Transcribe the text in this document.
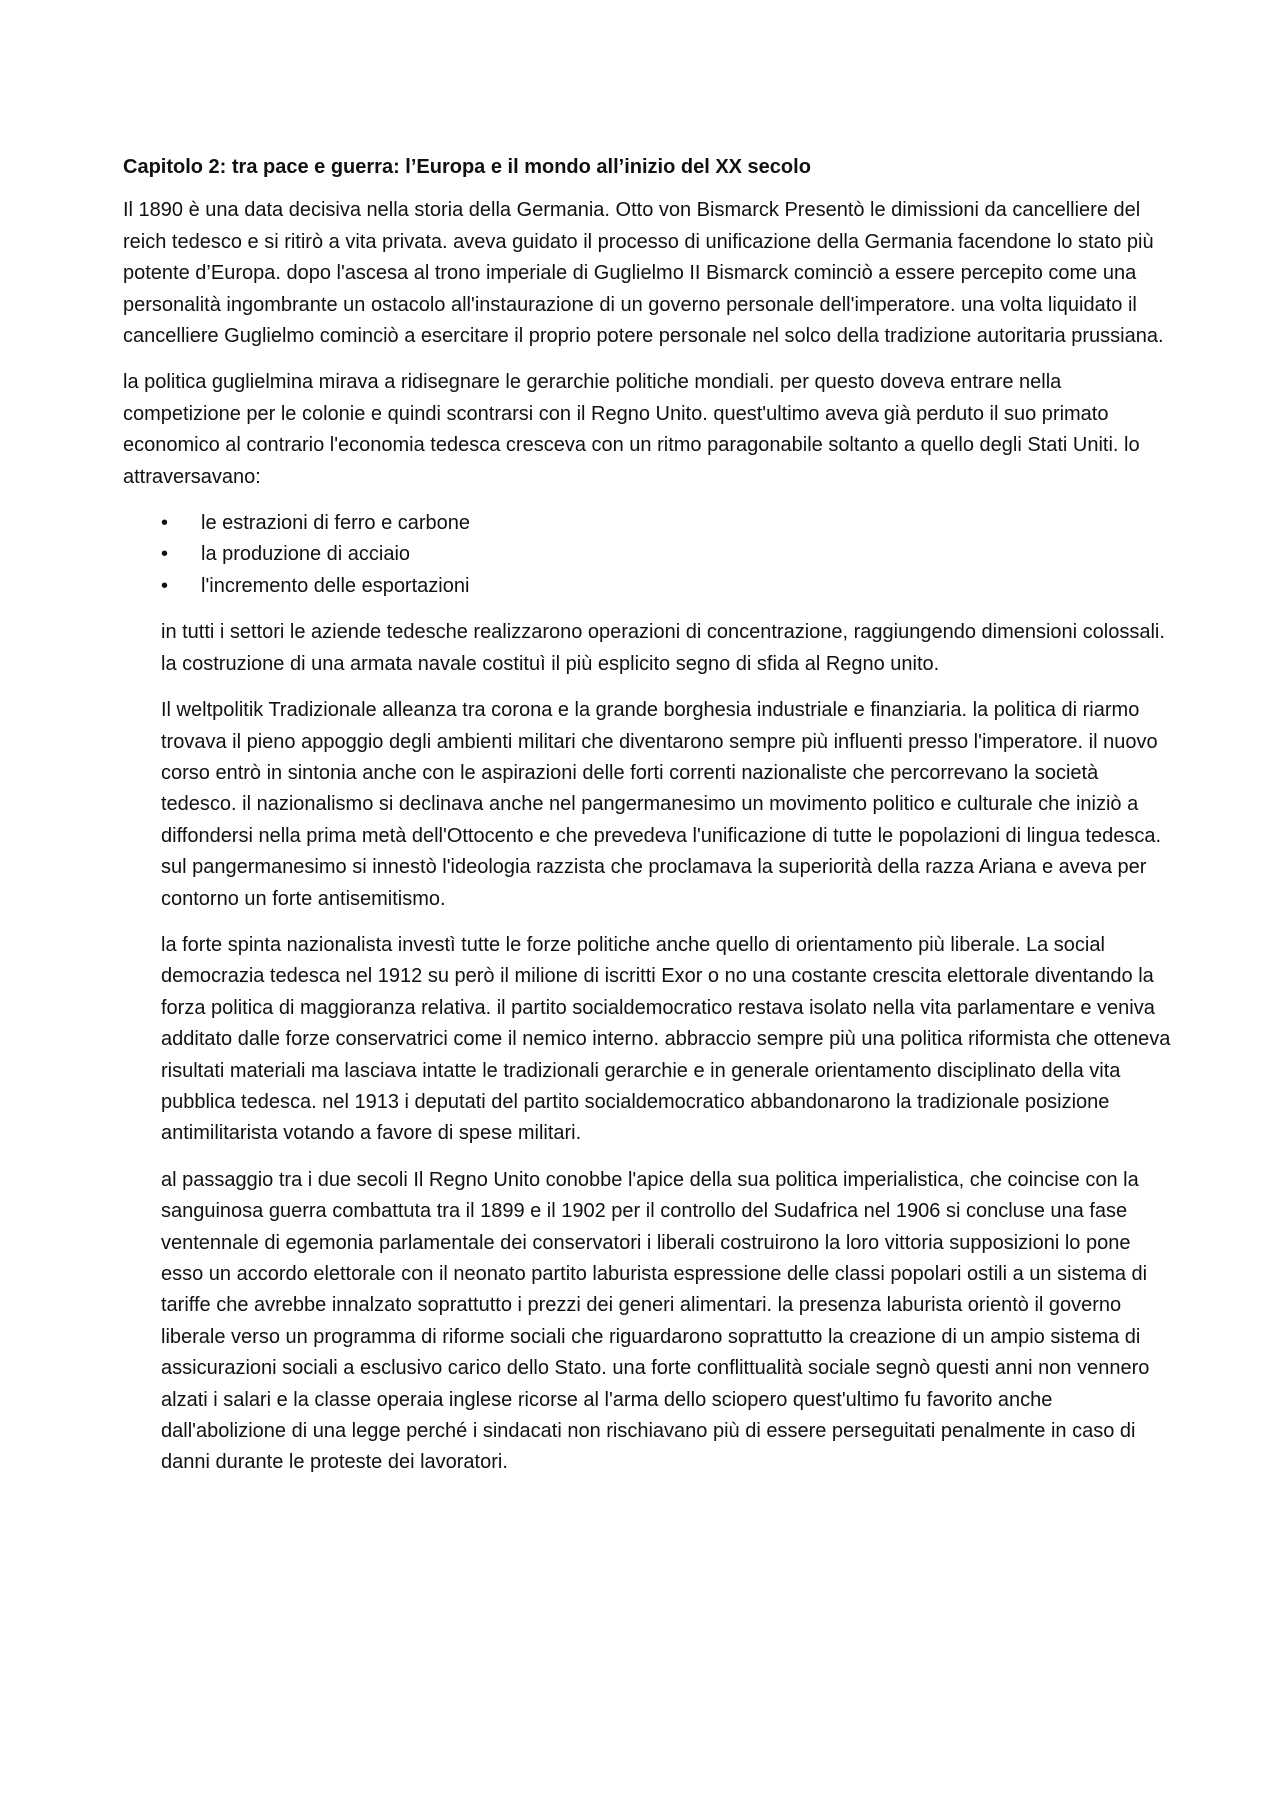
Capitolo 2: tra pace e guerra: l’Europa e il mondo all’inizio del XX secolo

Il 1890 è una data decisiva nella storia della Germania. Otto von Bismarck Presentò le dimissioni da cancelliere del reich tedesco e si ritirò a vita privata. aveva guidato il processo di unificazione della Germania facendone lo stato più potente d’Europa. dopo l'ascesa al trono imperiale di Guglielmo II Bismarck cominciò a essere percepito come una personalità ingombrante un ostacolo all'instaurazione di un governo personale dell'imperatore. una volta liquidato il cancelliere Guglielmo cominciò a esercitare il proprio potere personale nel solco della tradizione autoritaria prussiana.

la politica guglielmina mirava a ridisegnare le gerarchie politiche mondiali. per questo doveva entrare nella competizione per le colonie e quindi scontrarsi con il Regno Unito. quest'ultimo aveva già perduto il suo primato economico al contrario l'economia tedesca cresceva con un ritmo paragonabile soltanto a quello degli Stati Uniti. lo attraversavano:

• le estrazioni di ferro e carbone
• la produzione di acciaio
• l'incremento delle esportazioni

in tutti i settori le aziende tedesche realizzarono operazioni di concentrazione, raggiungendo dimensioni colossali. la costruzione di una armata navale costituì il più esplicito segno di sfida al Regno unito.

Il weltpolitik Tradizionale alleanza tra corona e la grande borghesia industriale e finanziaria. la politica di riarmo trovava il pieno appoggio degli ambienti militari che diventarono sempre più influenti presso l'imperatore. il nuovo corso entrò in sintonia anche con le aspirazioni delle forti correnti nazionaliste che percorrevano la società tedesco. il nazionalismo si declinava anche nel pangermanesimo un movimento politico e culturale che iniziò a diffondersi nella prima metà dell'Ottocento e che prevedeva l'unificazione di tutte le popolazioni di lingua tedesca. sul pangermanesimo si innestò l'ideologia razzista che proclamava la superiorità della razza Ariana e aveva per contorno un forte antisemitismo.

la forte spinta nazionalista investì tutte le forze politiche anche quello di orientamento più liberale. La social democrazia tedesca nel 1912 su però il milione di iscritti Exor o no una costante crescita elettorale diventando la forza politica di maggioranza relativa. il partito socialdemocratico restava isolato nella vita parlamentare e veniva additato dalle forze conservatrici come il nemico interno. abbraccio sempre più una politica riformista che otteneva risultati materiali ma lasciava intatte le tradizionali gerarchie e in generale orientamento disciplinato della vita pubblica tedesca. nel 1913 i deputati del partito socialdemocratico abbandonarono la tradizionale posizione antimilitarista votando a favore di spese militari.

al passaggio tra i due secoli Il Regno Unito conobbe l'apice della sua politica imperialistica, che coincise con la sanguinosa guerra combattuta tra il 1899 e il 1902 per il controllo del Sudafrica nel 1906 si concluse una fase ventennale di egemonia parlamentale dei conservatori i liberali costruirono la loro vittoria supposizioni lo pone esso un accordo elettorale con il neonato partito laburista espressione delle classi popolari ostili a un sistema di tariffe che avrebbe innalzato soprattutto i prezzi dei generi alimentari. la presenza laburista orientò il governo liberale verso un programma di riforme sociali che riguardarono soprattutto la creazione di un ampio sistema di assicurazioni sociali a esclusivo carico dello Stato. una forte conflittualità sociale segnò questi anni non vennero alzati i salari e la classe operaia inglese ricorse al l'arma dello sciopero quest'ultimo fu favorito anche dall'abolizione di una legge perché i sindacati non rischiavano più di essere perseguitati penalmente in caso di danni durante le proteste dei lavoratori.
